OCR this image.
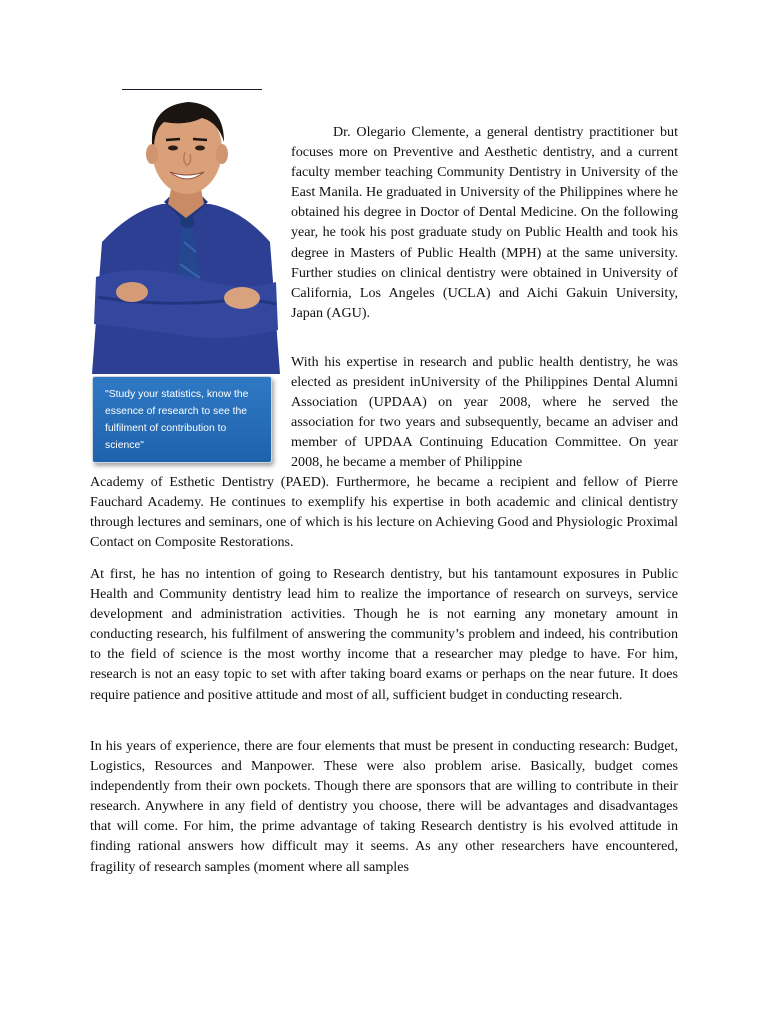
"Study your statistics, know the essence of research to see the fulfilment of contribution to science"

Dr. Olegario Clemente, a general dentistry practitioner but focuses more on Preventive and Aesthetic dentistry, and a current faculty member teaching Community Dentistry in University of the East Manila. He graduated in University of the Philippines where he obtained his degree in Doctor of Dental Medicine. On the following year, he took his post graduate study on Public Health and took his degree in Masters of Public Health (MPH) at the same university. Further studies on clinical dentistry were obtained in University of California, Los Angeles (UCLA) and Aichi Gakuin University, Japan (AGU).

With his expertise in research and public health dentistry, he was elected as president inUniversity of the Philippines Dental Alumni Association (UPDAA) on year 2008, where he served the association for two years and subsequently, became an adviser and member of UPDAA Continuing Education Committee. On year 2008, he became a member of Philippine

Academy of Esthetic Dentistry (PAED). Furthermore, he became a recipient and fellow of Pierre Fauchard Academy. He continues to exemplify his expertise in both academic and clinical dentistry through lectures and seminars, one of which is his lecture on Achieving Good and Physiologic Proximal Contact on Composite Restorations.

At first, he has no intention of going to Research dentistry, but his tantamount exposures in Public Health and Community dentistry lead him to realize the importance of research on surveys, service development and administration activities. Though he is not earning any monetary amount in conducting research, his fulfilment of answering the community’s problem and indeed, his contribution to the field of science is the most worthy income that a researcher may pledge to have. For him, research is not an easy topic to set with after taking board exams or perhaps on the near future. It does require patience and positive attitude and most of all, sufficient budget in conducting research.

In his years of experience, there are four elements that must be present in conducting research: Budget, Logistics, Resources and Manpower. These were also problem arise. Basically, budget comes independently from their own pockets. Though there are sponsors that are willing to contribute in their research. Anywhere in any field of dentistry you choose, there will be advantages and disadvantages that will come. For him, the prime advantage of taking Research dentistry is his evolved attitude in finding rational answers how difficult may it seems. As any other researchers have encountered, fragility of research samples (moment where all samples
